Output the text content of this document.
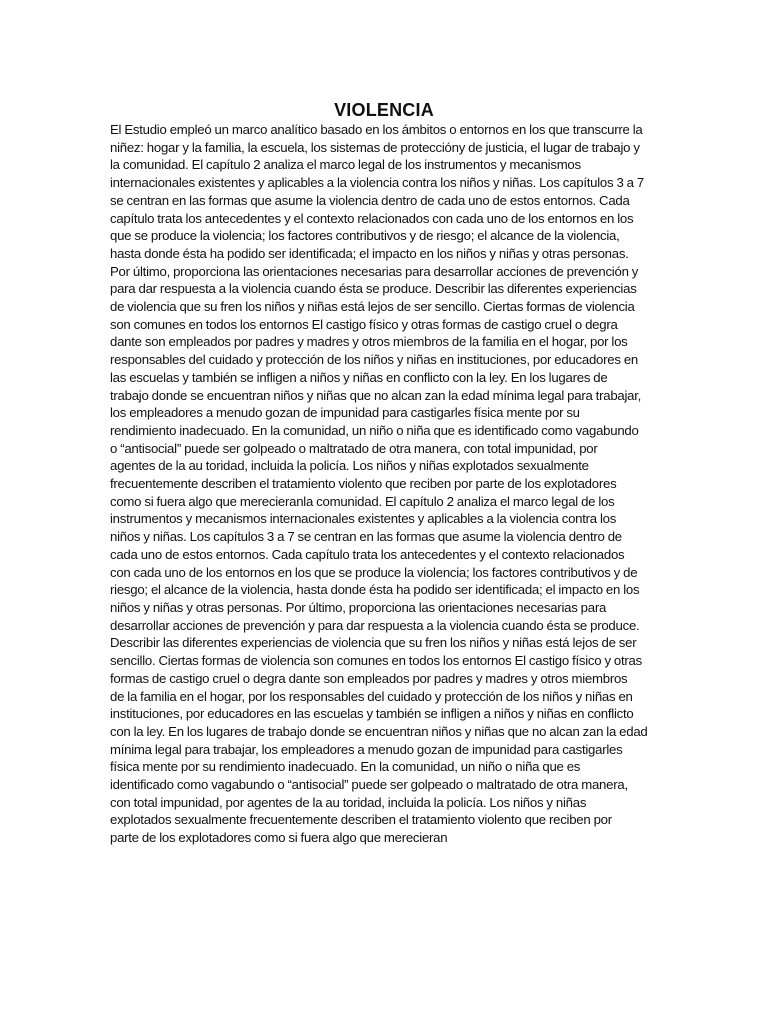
VIOLENCIA

El Estudio empleó un marco analítico basado en los ámbitos o entornos en los que transcurre la
niñez: hogar y la familia, la escuela, los sistemas de protecciónу de justicia, el lugar de trabajo y
la comunidad. El capítulo 2 analiza el marco legal de los instrumentos y mecanismos
internacionales existentes y aplicables a la violencia contra los niños y niñas. Los capítulos 3 a 7
se centran en las formas que asume la violencia dentro de cada uno de estos entornos. Cada
capítulo trata los antecedentes y el contexto relacionados con cada uno de los entornos en los
que se produce la violencia; los factores contributivos y de riesgo; el alcance de la violencia,
hasta donde ésta ha podido ser identificada; el impacto en los niños y niñas y otras personas.
Por último, proporciona las orientaciones necesarias para desarrollar acciones de prevención y
para dar respuesta a la violencia cuando ésta se produce. Describir las diferentes experiencias
de violencia que su fren los niños y niñas está lejos de ser sencillo. Ciertas formas de violencia
son comunes en todos los entornos El castigo físico y otras formas de castigo cruel o degra
dante son empleados por padres y madres y otros miembros de la familia en el hogar, por los
responsables del cuidado y protección de los niños y niñas en instituciones, por educadores en
las escuelas y también se infligen a niños y niñas en conflicto con la ley. En los lugares de
trabajo donde se encuentran niños y niñas que no alcan zan la edad mínima legal para trabajar,
los empleadores a menudo gozan de impunidad para castigarles física mente por su
rendimiento inadecuado. En la comunidad, un niño o niña que es identificado como vagabundo
o “antisocial” puede ser golpeado o maltratado de otra manera, con total impunidad, por
agentes de la au toridad, incluida la policía. Los niños y niñas explotados sexualmente
frecuentemente describen el tratamiento violento que reciben por parte de los explotadores
como si fuera algo que merecieranla comunidad. El capítulo 2 analiza el marco legal de los
instrumentos y mecanismos internacionales existentes y aplicables a la violencia contra los
niños y niñas. Los capítulos 3 a 7 se centran en las formas que asume la violencia dentro de
cada uno de estos entornos. Cada capítulo trata los antecedentes y el contexto relacionados
con cada uno de los entornos en los que se produce la violencia; los factores contributivos y de
riesgo; el alcance de la violencia, hasta donde ésta ha podido ser identificada; el impacto en los
niños y niñas y otras personas. Por último, proporciona las orientaciones necesarias para
desarrollar acciones de prevención y para dar respuesta a la violencia cuando ésta se produce.
Describir las diferentes experiencias de violencia que su fren los niños y niñas está lejos de ser
sencillo. Ciertas formas de violencia son comunes en todos los entornos El castigo físico y otras
formas de castigo cruel o degra dante son empleados por padres y madres y otros miembros
de la familia en el hogar, por los responsables del cuidado y protección de los niños y niñas en
instituciones, por educadores en las escuelas y también se infligen a niños y niñas en conflicto
con la ley. En los lugares de trabajo donde se encuentran niños y niñas que no alcan zan la edad
mínima legal para trabajar, los empleadores a menudo gozan de impunidad para castigarles
física mente por su rendimiento inadecuado. En la comunidad, un niño o niña que es
identificado como vagabundo o “antisocial” puede ser golpeado o maltratado de otra manera,
con total impunidad, por agentes de la au toridad, incluida la policía. Los niños y niñas
explotados sexualmente frecuentemente describen el tratamiento violento que reciben por
parte de los explotadores como si fuera algo que merecieran
